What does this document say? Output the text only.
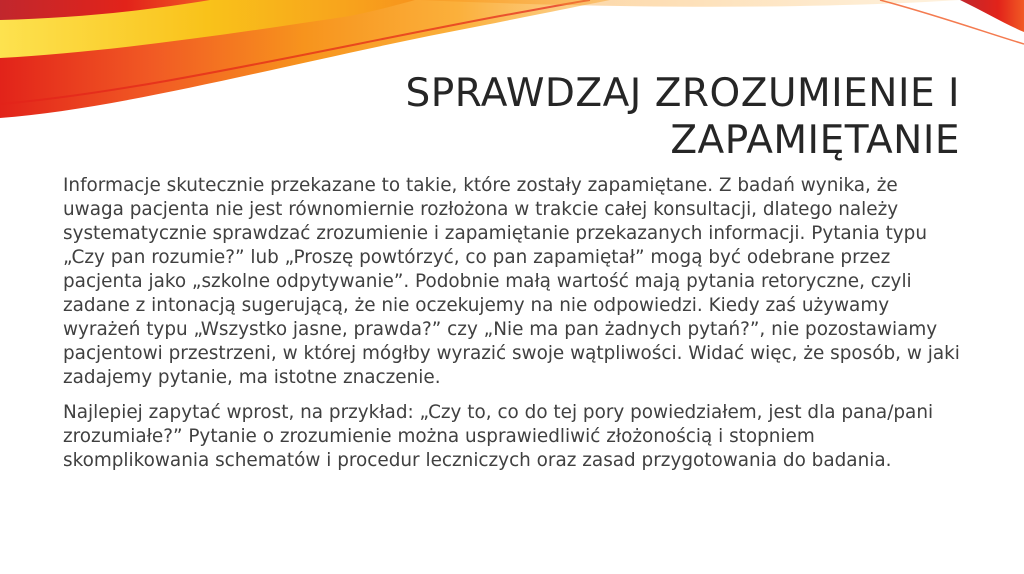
SPRAWDZAJ ZROZUMIENIE I
ZAPAMIĘTANIE

Informacje skutecznie przekazane to takie, które zostały zapamiętane. Z badań wynika, że uwaga pacjenta nie jest równomiernie rozłożona w trakcie całej konsultacji, dlatego należy systematycznie sprawdzać zrozumienie i zapamiętanie przekazanych informacji. Pytania typu „Czy pan rozumie?” lub „Proszę powtórzyć, co pan zapamiętał” mogą być odebrane przez pacjenta jako „szkolne odpytywanie”. Podobnie małą wartość mają pytania retoryczne, czyli zadane z intonacją sugerującą, że nie oczekujemy na nie odpowiedzi. Kiedy zaś używamy wyrażeń typu „Wszystko jasne, prawda?” czy „Nie ma pan żadnych pytań?”, nie pozostawiamy pacjentowi przestrzeni, w której mógłby wyrazić swoje wątpliwości. Widać więc, że sposób, w jaki zadajemy pytanie, ma istotne znaczenie.

Najlepiej zapytać wprost, na przykład: „Czy to, co do tej pory powiedziałem, jest dla pana/pani zrozumiałe?” Pytanie o zrozumienie można usprawiedliwić złożonością i stopniem skomplikowania schematów i procedur leczniczych oraz zasad przygotowania do badania.
